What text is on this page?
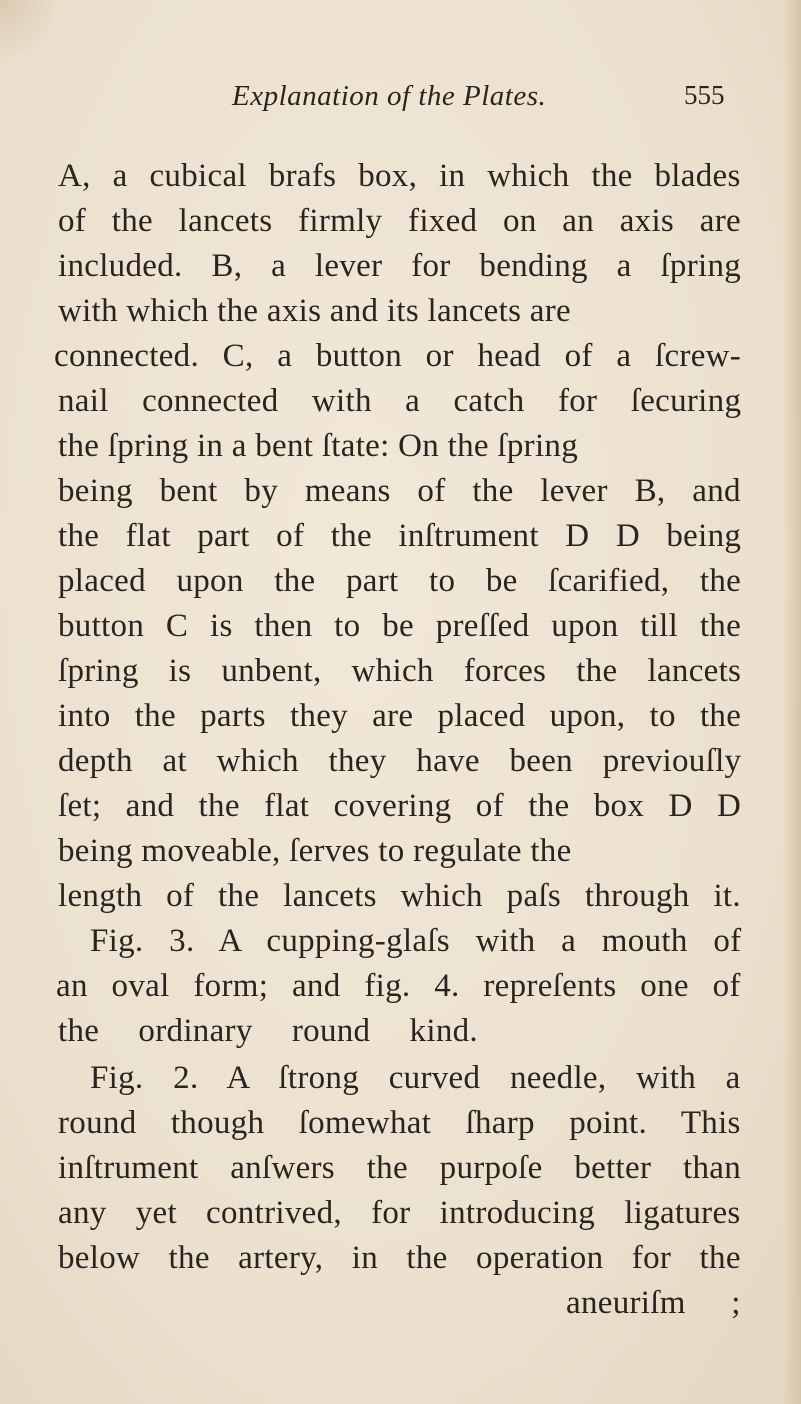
Explanation of the Plates.	555
A, a cubical brafs box, in which the blades
of the lancets firmly fixed on an axis are
included. B, a lever for bending a ſpring
with which the axis and its lancets are
connected. C, a button or head of a ſcrew-
nail connected with a catch for ſecuring
the ſpring in a bent ſtate: On the ſpring
being bent by means of the lever B, and
the flat part of the inſtrument D D being
placed upon the part to be ſcarified, the
button C is then to be preſſed upon till the
ſpring is unbent, which forces the lancets
into the parts they are placed upon, to the
depth at which they have been previouſly
ſet; and the flat covering of the box D D
being moveable, ſerves to regulate the
length of the lancets which paſs through it.
Fig. 3. A cupping-glaſs with a mouth of
an oval form; and fig. 4. repreſents one of
the ordinary round kind.
Fig. 2. A ſtrong curved needle, with a
round though ſomewhat ſharp point. This
inſtrument anſwers the purpoſe better than
any yet contrived, for introducing ligatures
below the artery, in the operation for the
aneuriſm ;
